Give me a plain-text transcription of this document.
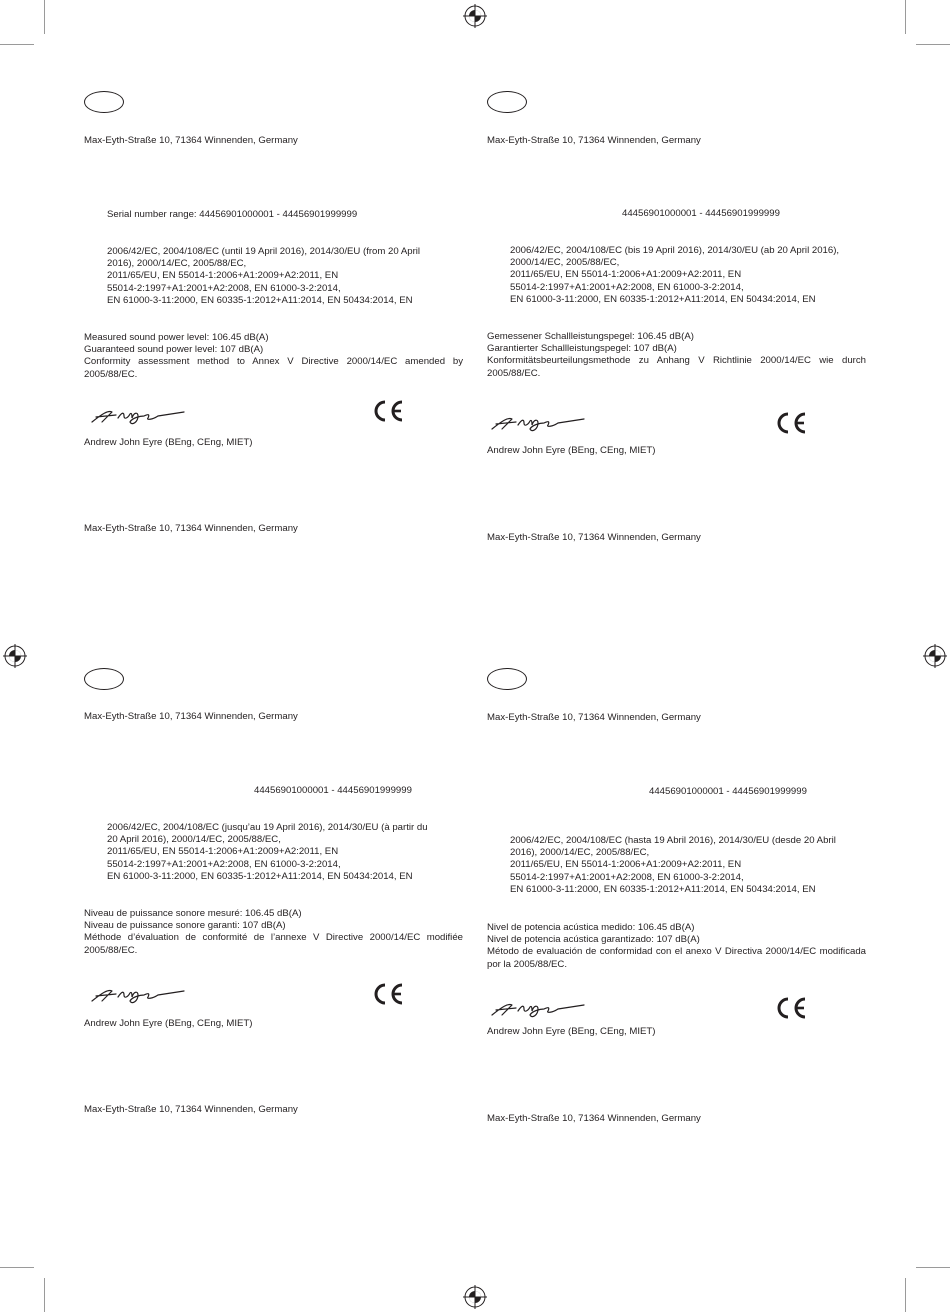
Max-Eyth-Straße 10, 71364 Winnenden, Germany
Serial number range: 44456901000001 - 44456901999999
2006/42/EC, 2004/108/EC (until 19 April 2016), 2014/30/EU (from 20 April
2016), 2000/14/EC, 2005/88/EC,
2011/65/EU, EN 55014-1:2006+A1:2009+A2:2011, EN
55014-2:1997+A1:2001+A2:2008, EN 61000-3-2:2014,
EN 61000-3-11:2000, EN 60335-1:2012+A11:2014, EN 50434:2014, EN
Measured sound power level: 106.45 dB(A)
Guaranteed sound power level: 107 dB(A)
Conformity assessment method to Annex V Directive 2000/14/EC amended by 2005/88/EC.
Andrew John Eyre (BEng, CEng, MIET)
Max-Eyth-Straße 10, 71364 Winnenden, Germany
Max-Eyth-Straße 10, 71364 Winnenden, Germany
44456901000001 - 44456901999999
2006/42/EC, 2004/108/EC (bis 19 April 2016), 2014/30/EU (ab 20 April 2016),
2000/14/EC, 2005/88/EC,
2011/65/EU, EN 55014-1:2006+A1:2009+A2:2011, EN
55014-2:1997+A1:2001+A2:2008, EN 61000-3-2:2014,
EN 61000-3-11:2000, EN 60335-1:2012+A11:2014, EN 50434:2014, EN
Gemessener Schallleistungspegel: 106.45 dB(A)
Garantierter Schallleistungspegel: 107 dB(A)
Konformitätsbeurteilungsmethode zu Anhang V Richtlinie 2000/14/EC wie durch 2005/88/EC.
Andrew John Eyre (BEng, CEng, MIET)
Max-Eyth-Straße 10, 71364 Winnenden, Germany
Max-Eyth-Straße 10, 71364 Winnenden, Germany
44456901000001 - 44456901999999
2006/42/EC, 2004/108/EC (jusqu’au 19 April 2016), 2014/30/EU (à partir du
20 April 2016), 2000/14/EC, 2005/88/EC,
2011/65/EU, EN 55014-1:2006+A1:2009+A2:2011, EN
55014-2:1997+A1:2001+A2:2008, EN 61000-3-2:2014,
EN 61000-3-11:2000, EN 60335-1:2012+A11:2014, EN 50434:2014, EN
Niveau de puissance sonore mesuré: 106.45 dB(A)
Niveau de puissance sonore garanti: 107 dB(A)
Méthode d’évaluation de conformité de l’annexe V Directive 2000/14/EC modifiée 2005/88/EC.
Andrew John Eyre (BEng, CEng, MIET)
Max-Eyth-Straße 10, 71364 Winnenden, Germany
Max-Eyth-Straße 10, 71364 Winnenden, Germany
44456901000001 - 44456901999999
2006/42/EC, 2004/108/EC (hasta 19 Abril 2016), 2014/30/EU (desde 20 Abril
2016), 2000/14/EC, 2005/88/EC,
2011/65/EU, EN 55014-1:2006+A1:2009+A2:2011, EN
55014-2:1997+A1:2001+A2:2008, EN 61000-3-2:2014,
EN 61000-3-11:2000, EN 60335-1:2012+A11:2014, EN 50434:2014, EN
Nivel de potencia acústica medido: 106.45 dB(A)
Nivel de potencia acústica garantizado: 107 dB(A)
Método de evaluación de conformidad con el anexo V Directiva 2000/14/EC modificada por la 2005/88/EC.
Andrew John Eyre (BEng, CEng, MIET)
Max-Eyth-Straße 10, 71364 Winnenden, Germany
